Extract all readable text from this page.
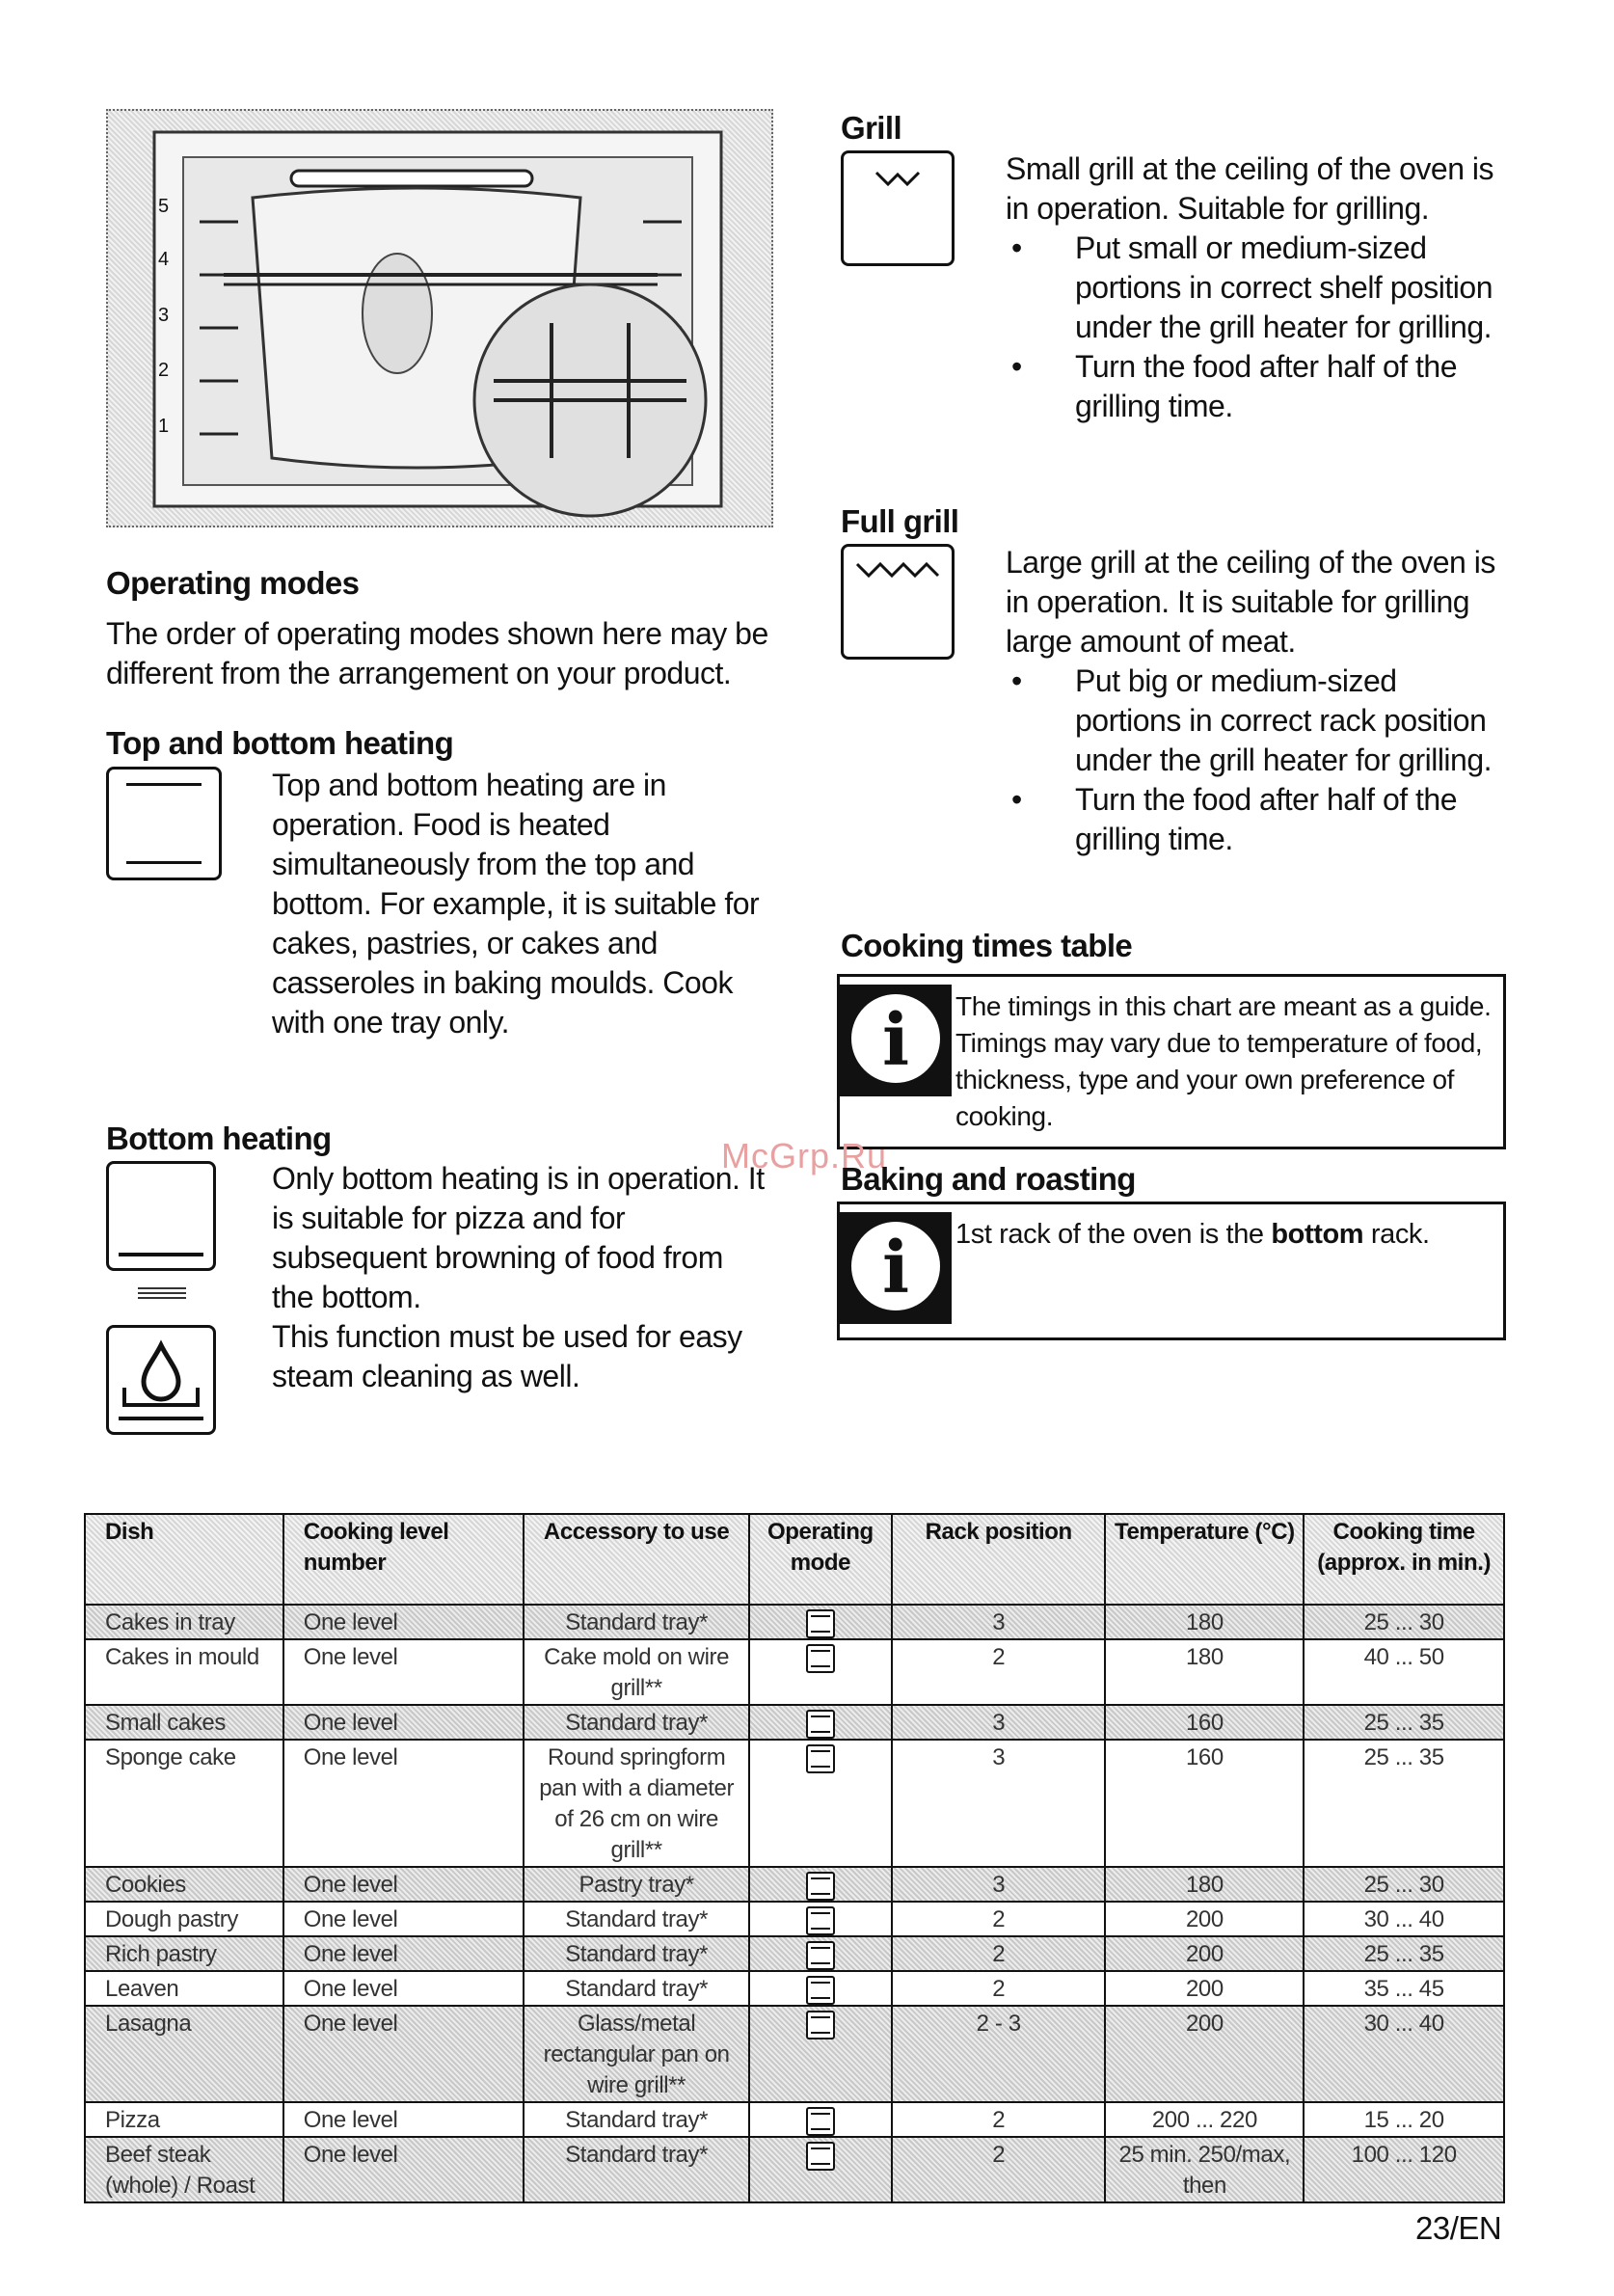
5
4
3
2
1
Operating modes

The order of operating modes shown here may be
different from the arrangement on your product.

Top and bottom heating

Top and bottom heating are in
operation. Food is heated
simultaneously from the top and
bottom. For example, it is suitable for
cakes, pastries, or cakes and
casseroles in baking moulds. Cook
with one tray only.

Bottom heating

Only bottom heating is in operation. It
is suitable for pizza and for
subsequent browning of food from
the bottom.
This function must be used for easy
steam cleaning as well.

Grill

Small grill at the ceiling of the oven is
in operation. Suitable for grilling.

• Put small or medium-sized
portions in correct shelf position
under the grill heater for grilling.
• Turn the food after half of the
grilling time.
Full grill

Large grill at the ceiling of the oven is
in operation. It is suitable for grilling
large amount of meat.

• Put big or medium-sized
portions in correct rack position
under the grill heater for grilling.
• Turn the food after half of the
grilling time.
Cooking times table
i	The timings in this chart are meant as a guide.
Timings may vary due to temperature of food,
thickness, type and your own preference of
cooking.
McGrp.Ru
Baking and roasting
i	1st rack of the oven is the bottom rack.
Dish	Cooking level number	Accessory to use	Operating mode	Rack position	Temperature (°C)	Cooking time (approx. in min.)
Cakes in tray	One level	Standard tray*		3	180	25 ... 30
Cakes in mould	One level	Cake mold on wire grill**		2	180	40 ... 50
Small cakes	One level	Standard tray*		3	160	25 ... 35
Sponge cake	One level	Round springform pan with a diameter of 26 cm on wire grill**		3	160	25 ... 35
Cookies	One level	Pastry tray*		3	180	25 ... 30
Dough pastry	One level	Standard tray*		2	200	30 ... 40
Rich pastry	One level	Standard tray*		2	200	25 ... 35
Leaven	One level	Standard tray*		2	200	35 ... 45
Lasagna	One level	Glass/metal rectangular pan on wire grill**		2 - 3	200	30 ... 40
Pizza	One level	Standard tray*		2	200 ... 220	15 ... 20
Beef steak (whole) / Roast	One level	Standard tray*		2	25 min. 250/max, then	100 ... 120
23/EN
